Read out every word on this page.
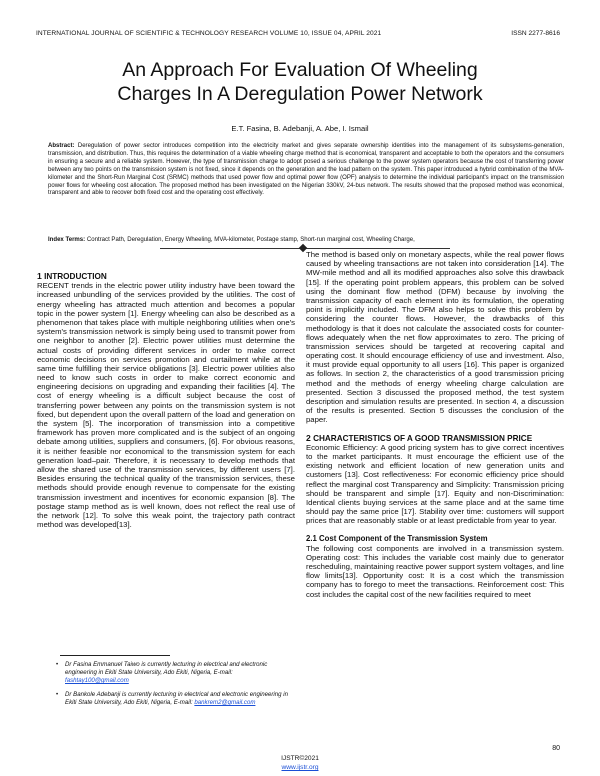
INTERNATIONAL JOURNAL OF SCIENTIFIC & TECHNOLOGY RESEARCH VOLUME 10, ISSUE 04, APRIL 2021	ISSN 2277-8616
An Approach For Evaluation Of Wheeling
Charges In A Deregulation Power Network
E.T. Fasina, B. Adebanji, A. Abe, I. Ismail
Abstract: Deregulation of power sector introduces competition into the electricity market and gives separate ownership identities into the management of its subsystems-generation, transmission, and distribution. Thus, this requires the determination of a viable wheeling charge method that is economical, transparent and acceptable to both the operators and the consumers in ensuring a secure and a reliable system. However, the type of transmission charge to adopt posed a serious challenge to the power system operators because the cost of transferring power between any two points on the transmission system is not fixed, since it depends on the generation and the load pattern on the system. This paper introduced a hybrid combination of the MVA-kilometer and the Short-Run Marginal Cost (SRMC) methods that used power flow and optimal power flow (OPF) analysis to determine the individual participant's impact on the transmission power flows for wheeling cost allocation. The proposed method has been investigated on the Nigerian 330kV, 24-bus network. The results showed that the proposed method was economical, transparent and able to recover both fixed cost and the operating cost effectively.
Index Terms: Contract Path, Deregulation, Energy Wheeling, MVA-kilometer, Postage stamp, Short-run marginal cost, Wheeling Charge,
1 INTRODUCTION

RECENT trends in the electric power utility industry have been toward the increased unbundling of the services provided by the utilities. The cost of energy wheeling has attracted much attention and becomes a popular topic in the power system [1]. Energy wheeling can also be described as a phenomenon that takes place with multiple neighboring utilities when one's system's transmission network is simply being used to transmit power from one neighbor to another [2]. Electric power utilities must determine the actual costs of providing different services in order to make correct economic decisions on services promotion and curtailment while at the same time fulfilling their service obligations [3]. Electric power utilities also need to know such costs in order to make correct economic and engineering decisions on upgrading and expanding their facilities [4]. The cost of energy wheeling is a difficult subject because the cost of transferring power between any points on the transmission system is not fixed, but dependent upon the overall pattern of the load and generation on the system [5]. The incorporation of transmission into a competitive framework has proven more complicated and is the subject of an ongoing debate among utilities, suppliers and consumers, [6]. For obvious reasons, it is neither feasible nor economical to the transmission system for each generation load–pair. Therefore, it is necessary to develop methods that allow the shared use of the transmission services, by different users [7]. Besides ensuring the technical quality of the transmission services, these methods should provide enough revenue to compensate for the existing transmission investment and incentives for economic expansion [8]. The postage stamp method as is well known, does not reflect the real use of the network [12]. To solve this weak point, the trajectory path contract method was developed[13].

The method is based only on monetary aspects, while the real power flows caused by wheeling transactions are not taken into consideration [14]. The MW-mile method and all its modified approaches also solve this drawback [15]. If the operating point problem appears, this problem can be solved using the dominant flow method (DFM) because by involving the transmission capacity of each element into its formulation, the operating point is implicitly included. The DFM also helps to solve this problem by considering the counter flows. However, the drawbacks of this methodology is that it does not calculate the associated costs for counter-flows adequately when the net flow approximates to zero. The pricing of transmission services should be targeted at recovering capital and operating cost. It should encourage efficiency of use and investment. Also, it must provide equal opportunity to all users [16]. This paper is organized as follows. In section 2, the characteristics of a good transmission pricing method and the methods of energy wheeling charge calculation are presented. Section 3 discussed the proposed method, the test system description and simulation results are presented. In section 4, a discussion of the results is presented. Section 5 discusses the conclusion of the paper.

2 CHARACTERISTICS OF A GOOD TRANSMISSION PRICE

Economic Efficiency: A good pricing system has to give correct incentives to the market participants. It must encourage the efficient use of the existing network and efficient location of new generation units and customers [13]. Cost reflectiveness: For economic efficiency price should reflect the marginal cost Transparency and Simplicity: Transmission pricing should be transparent and simple [17]. Equity and non-Discrimination: Identical clients buying services at the same place and at the same time should pay the same price [17]. Stability over time: customers will support prices that are reasonably stable or at least predictable from year to year.

2.1 Cost Component of the Transmission System

The following cost components are involved in a transmission system. Operating cost: This includes the variable cost mainly due to generator rescheduling, maintaining reactive power support system voltages, and line flow limits[13]. Opportunity cost: It is a cost which the transmission company has to forego to meet the transactions. Reinforcement cost: This cost includes the capital cost of the new facilities required to meet

• Dr Fasina Emmanuel Taiwo is currently lecturing in electrical and electronic engineering in Ekiti State University, Ado Ekiti, Nigeria, E-mail: fashtay100@gmail.com
• Dr Bankole Adebanji is currently lecturing in electrical and electronic engineering in Ekiti State University, Ado Ekiti, Nigeria, E-mail: bankrem2@gmail.com
80
IJSTR©2021
www.ijstr.org
